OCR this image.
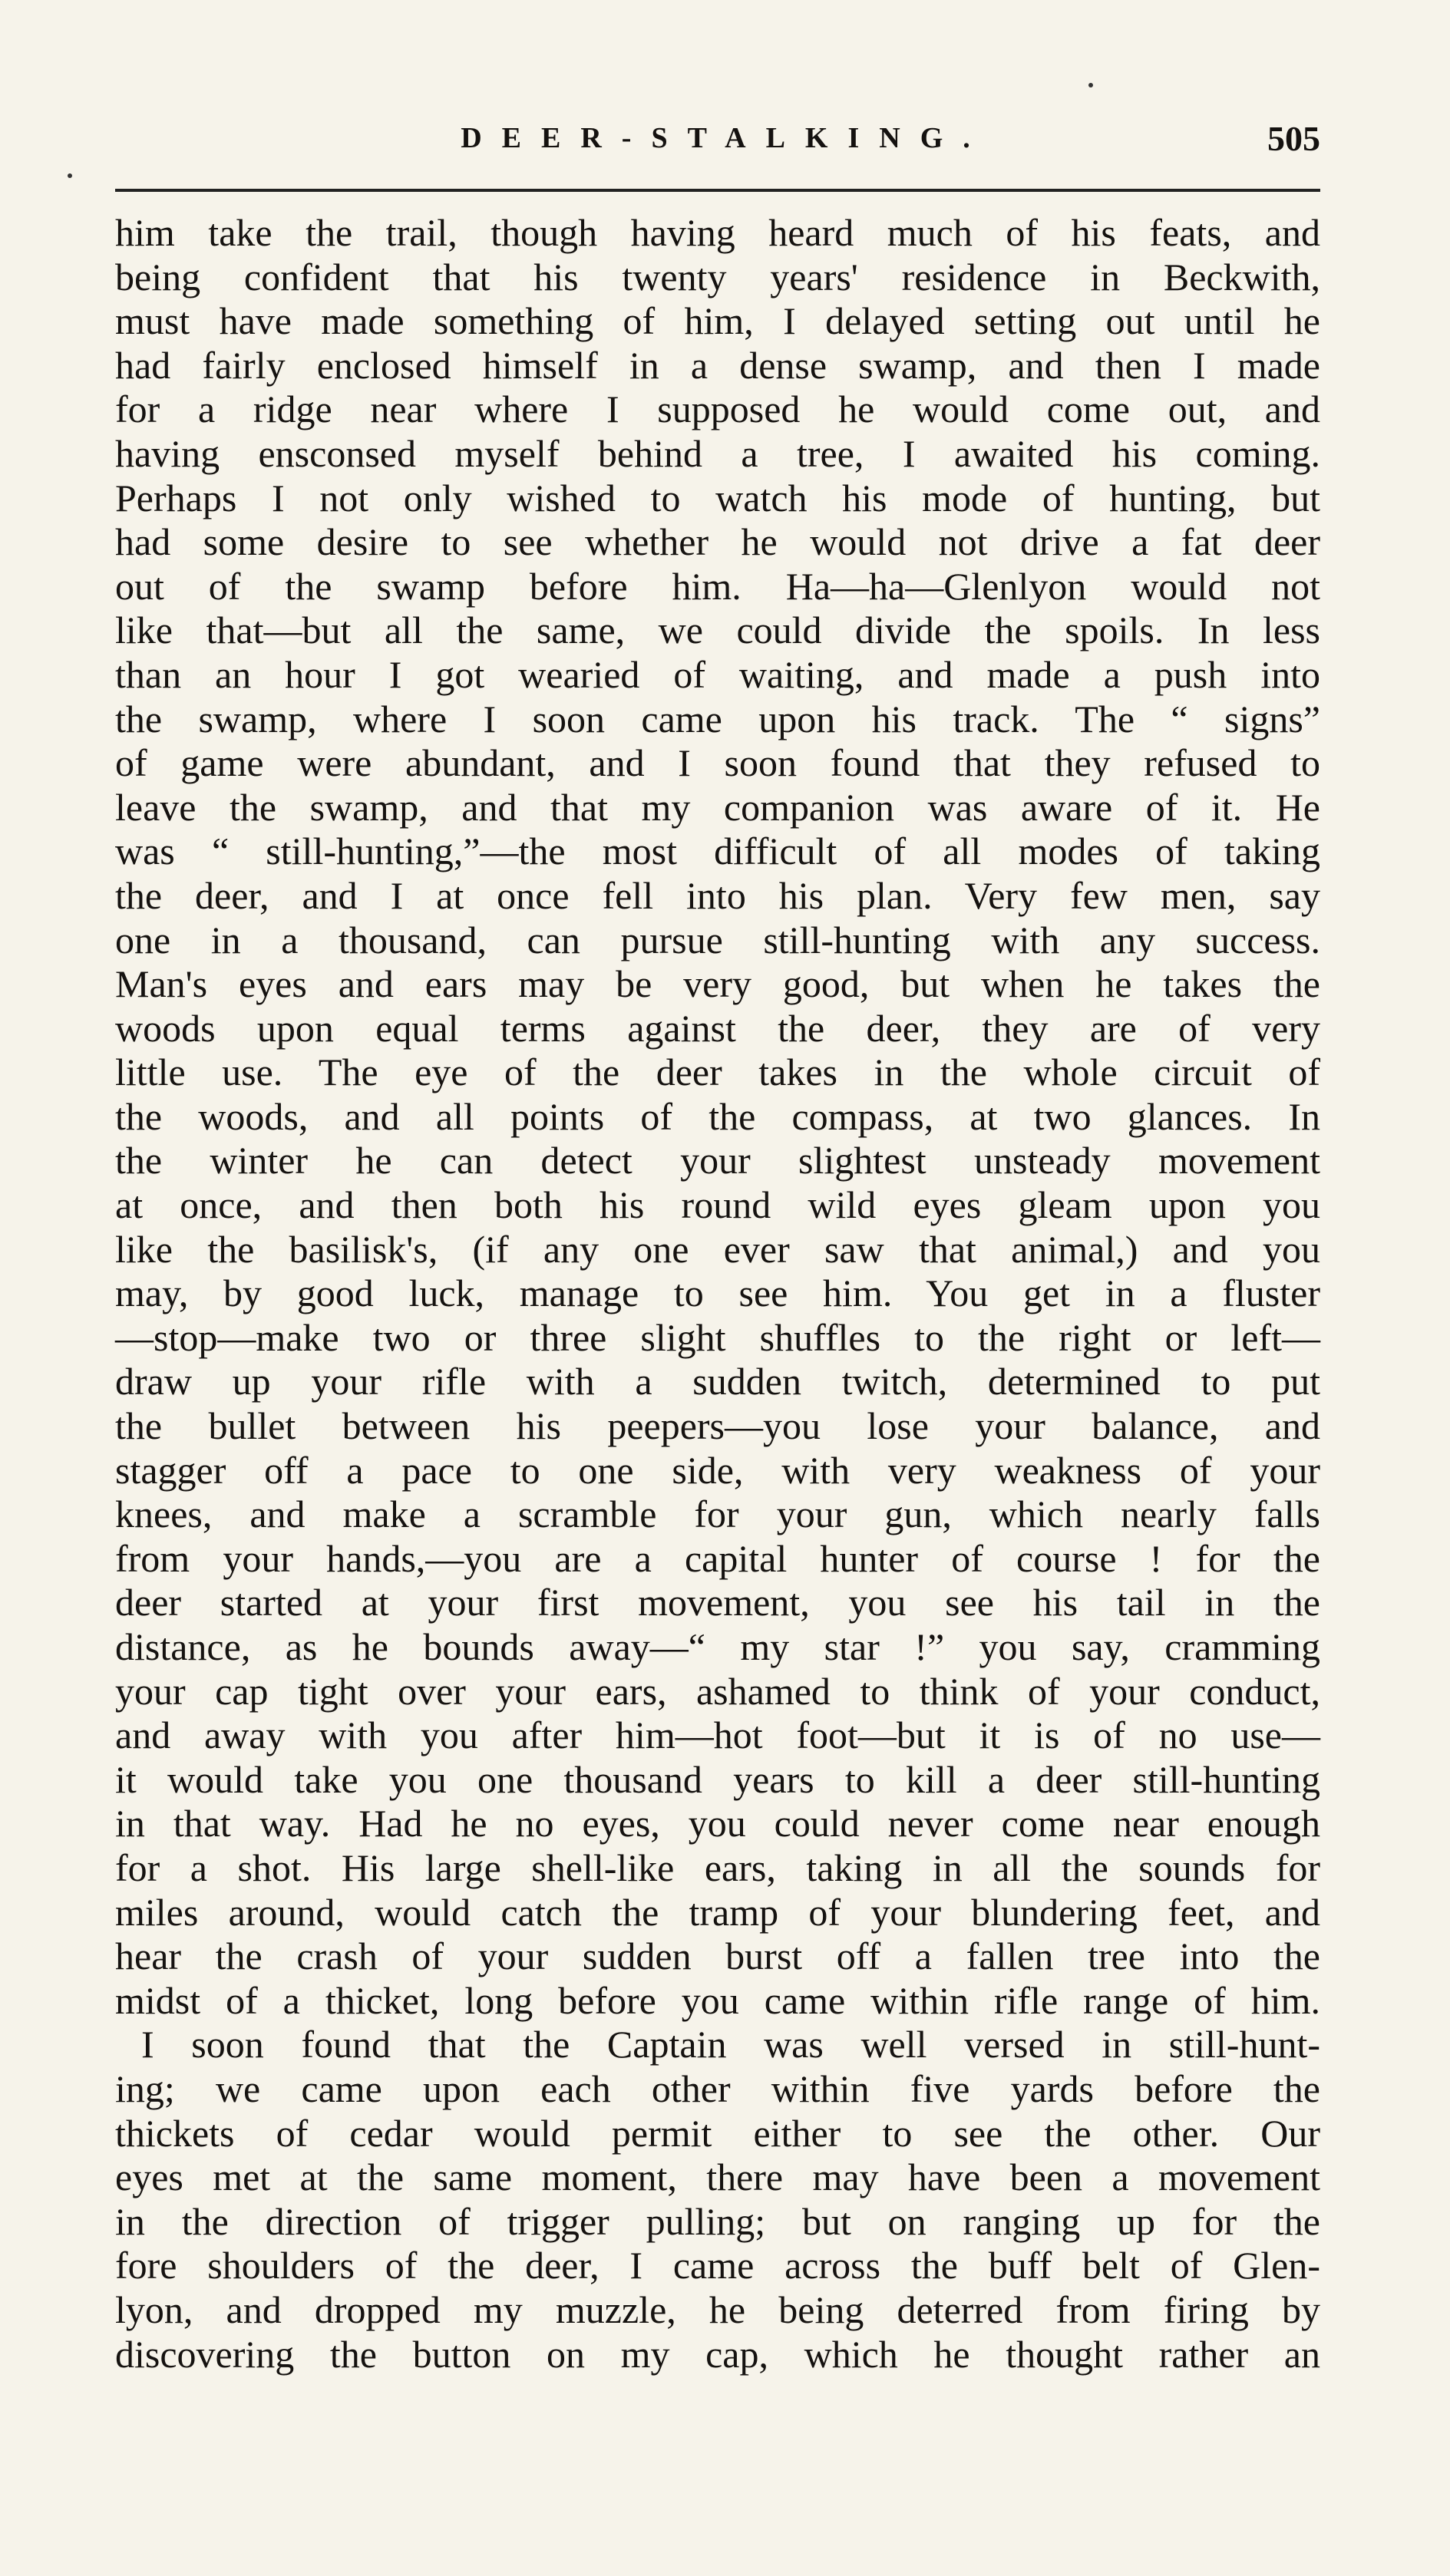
DEER-STALKING.	505
him take the trail, though having heard much of his feats, and
being confident that his twenty years' residence in Beckwith,
must have made something of him, I delayed setting out until he
had fairly enclosed himself in a dense swamp, and then I made
for a ridge near where I supposed he would come out, and
having ensconsed myself behind a tree, I awaited his coming.
Perhaps I not only wished to watch his mode of hunting, but
had some desire to see whether he would not drive a fat deer
out of the swamp before him. Ha—ha—Glenlyon would not
like that—but all the same, we could divide the spoils. In less
than an hour I got wearied of waiting, and made a push into
the swamp, where I soon came upon his track. The “ signs”
of game were abundant, and I soon found that they refused to
leave the swamp, and that my companion was aware of it. He
was “ still-hunting,”—the most difficult of all modes of taking
the deer, and I at once fell into his plan. Very few men, say
one in a thousand, can pursue still-hunting with any success.
Man's eyes and ears may be very good, but when he takes the
woods upon equal terms against the deer, they are of very
little use. The eye of the deer takes in the whole circuit of
the woods, and all points of the compass, at two glances. In
the winter he can detect your slightest unsteady movement
at once, and then both his round wild eyes gleam upon you
like the basilisk's, (if any one ever saw that animal,) and you
may, by good luck, manage to see him. You get in a fluster
—stop—make two or three slight shuffles to the right or left—
draw up your rifle with a sudden twitch, determined to put
the bullet between his peepers—you lose your balance, and
stagger off a pace to one side, with very weakness of your
knees, and make a scramble for your gun, which nearly falls
from your hands,—you are a capital hunter of course ! for the
deer started at your first movement, you see his tail in the
distance, as he bounds away—“ my star !” you say, cramming
your cap tight over your ears, ashamed to think of your conduct,
and away with you after him—hot foot—but it is of no use—
it would take you one thousand years to kill a deer still-hunting
in that way. Had he no eyes, you could never come near enough
for a shot. His large shell-like ears, taking in all the sounds for
miles around, would catch the tramp of your blundering feet, and
hear the crash of your sudden burst off a fallen tree into the
midst of a thicket, long before you came within rifle range of him.
I soon found that the Captain was well versed in still-hunt-
ing; we came upon each other within five yards before the
thickets of cedar would permit either to see the other. Our
eyes met at the same moment, there may have been a movement
in the direction of trigger pulling; but on ranging up for the
fore shoulders of the deer, I came across the buff belt of Glen-
lyon, and dropped my muzzle, he being deterred from firing by
discovering the button on my cap, which he thought rather an
